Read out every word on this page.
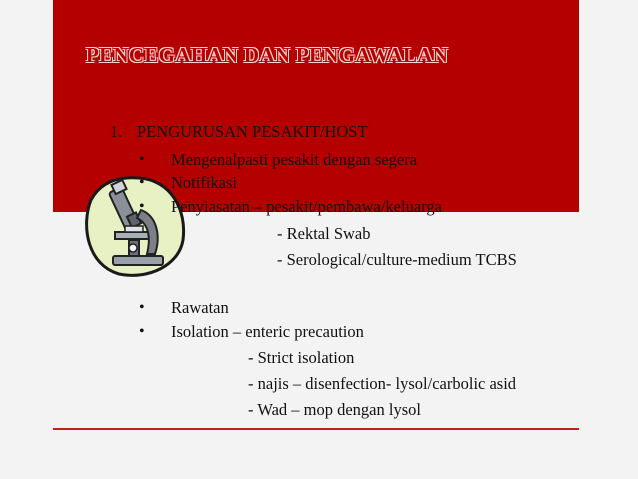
PENCEGAHAN DAN PENGAWALAN
1. PENGURUSAN PESAKIT/HOST
• Mengenalpasti pesakit dengan segera
• Notifikasi
• Penyiasatan – pesakit/pembawa/keluarga
- Rektal Swab
- Serological/culture-medium TCBS
• Rawatan
• Isolation – enteric precaution
- Strict isolation
- najis – disenfection- lysol/carbolic asid
- Wad – mop dengan lysol
